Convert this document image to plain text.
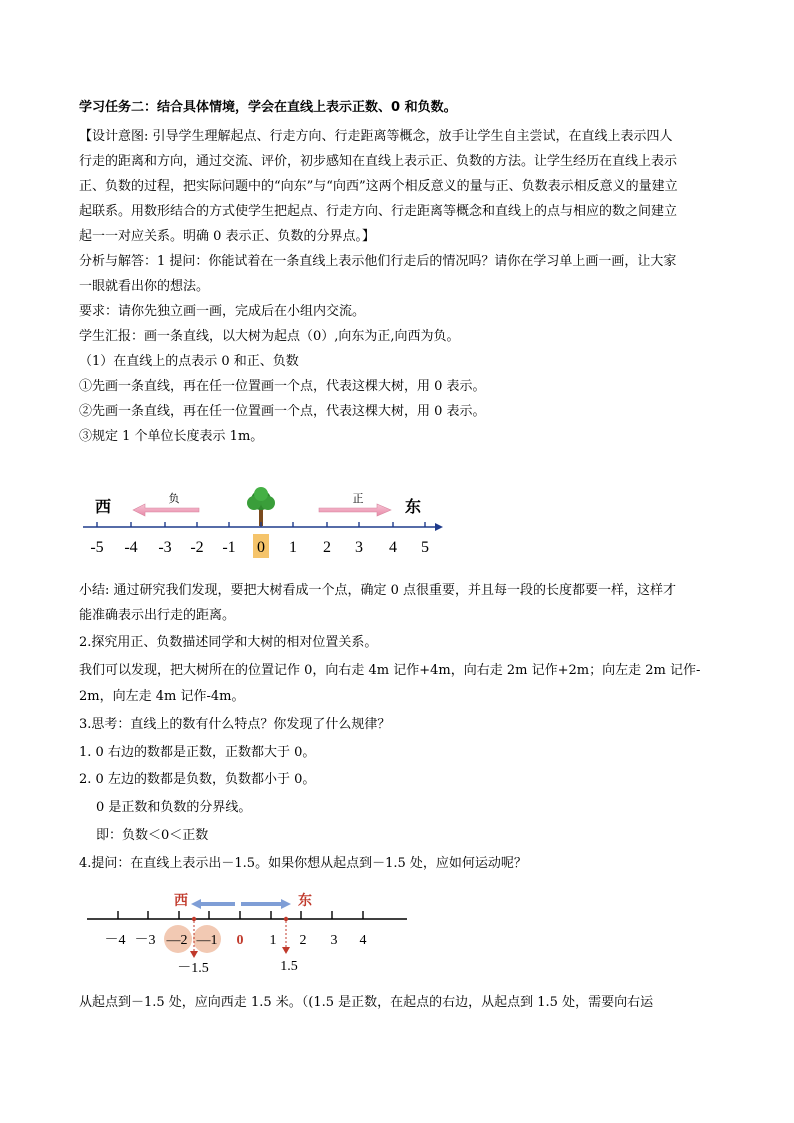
学习任务二：结合具体情境，学会在直线上表示正数、0 和负数。

【设计意图: 引导学生理解起点、行走方向、行走距离等概念，放手让学生自主尝试，在直线上表示四人

行走的距离和方向，通过交流、评价，初步感知在直线上表示正、负数的方法。让学生经历在直线上表示

正、负数的过程，把实际问题中的“向东”与“向西”这两个相反意义的量与正、负数表示相反意义的量建立

起联系。用数形结合的方式使学生把起点、行走方向、行走距离等概念和直线上的点与相应的数之间建立

起一一对应关系。明确 0 表示正、负数的分界点。】

分析与解答：1 提问：你能试着在一条直线上表示他们行走后的情况吗？请你在学习单上画一画，让大家

一眼就看出你的想法。

要求：请你先独立画一画，完成后在小组内交流。

学生汇报：画一条直线，以大树为起点（0）,向东为正,向西为负。

（1）在直线上的点表示 0 和正、负数

①先画一条直线，再在任一位置画一个点，代表这棵大树，用 0 表示。

②先画一条直线，再在任一位置画一个点，代表这棵大树，用 0 表示。

③规定 1 个单位长度表示 1m。

西	负	正	东
-5 -4 -3 -2 -1 0 1 2 3 4 5

小结: 通过研究我们发现，要把大树看成一个点，确定 0 点很重要，并且每一段的长度都要一样，这样才

能准确表示出行走的距离。

2.探究用正、负数描述同学和大树的相对位置关系。

我们可以发现，把大树所在的位置记作 0，向右走 4m 记作+4m，向右走 2m 记作+2m；向左走 2m 记作-

2m，向左走 4m 记作-4m。

3.思考：直线上的数有什么特点？你发现了什么规律？

1. 0 右边的数都是正数，正数都大于 0。

2. 0 左边的数都是负数，负数都小于 0。

0 是正数和负数的分界线。

即：负数＜0＜正数

4.提问：在直线上表示出－1.5。如果你想从起点到－1.5 处，应如何运动呢？

西	东
－4 －3 —2 —1 0 1 2 3 4
－1.5	1.5

从起点到－1.5 处，应向西走 1.5 米。（(1.5 是正数，在起点的右边，从起点到 1.5 处，需要向右运
